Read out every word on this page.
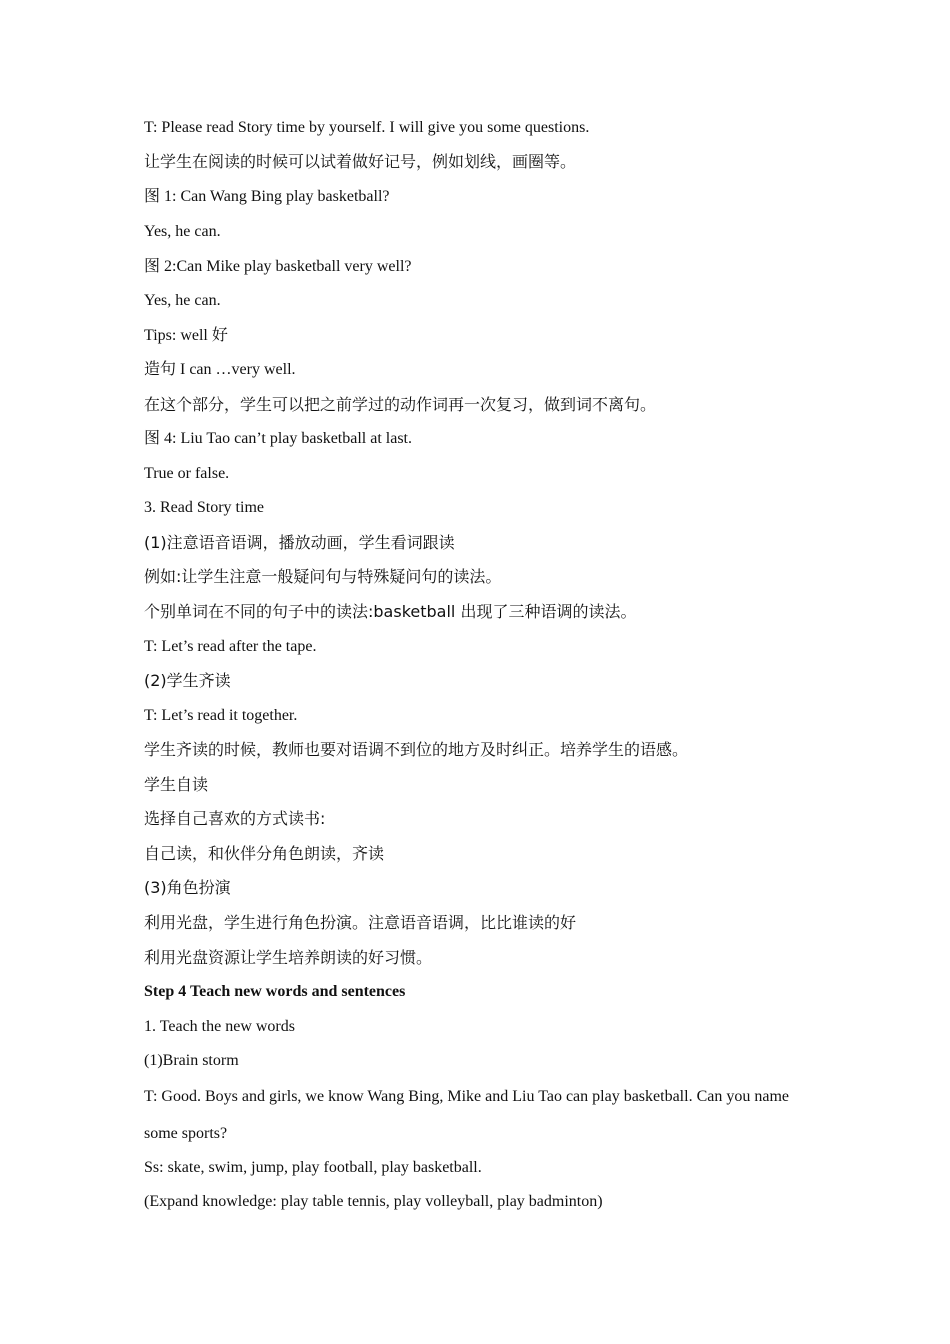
T: Please read Story time by yourself. I will give you some questions.
让学生在阅读的时候可以试着做好记号，例如划线，画圈等。
图 1: Can Wang Bing play basketball?
Yes, he can.
图 2:Can Mike play basketball very well?
Yes, he can.
Tips: well 好
造句 I can …very well.
在这个部分，学生可以把之前学过的动作词再一次复习，做到词不离句。
图 4: Liu Tao can’t play basketball at last.
True or false.
3. Read Story time
(1)注意语音语调，播放动画，学生看词跟读
例如:让学生注意一般疑问句与特殊疑问句的读法。
个别单词在不同的句子中的读法:basketball 出现了三种语调的读法。
T: Let’s read after the tape.
(2)学生齐读
T: Let’s read it together.
学生齐读的时候，教师也要对语调不到位的地方及时纠正。培养学生的语感。
学生自读
选择自己喜欢的方式读书:
自己读，和伙伴分角色朗读，齐读
(3)角色扮演
利用光盘，学生进行角色扮演。注意语音语调，比比谁读的好
利用光盘资源让学生培养朗读的好习惯。
Step 4 Teach new words and sentences
1. Teach the new words
(1)Brain storm
T: Good. Boys and girls, we know Wang Bing, Mike and Liu Tao can play basketball. Can you name some sports?
Ss: skate, swim, jump, play football, play basketball.
(Expand knowledge: play table tennis, play volleyball, play badminton)
